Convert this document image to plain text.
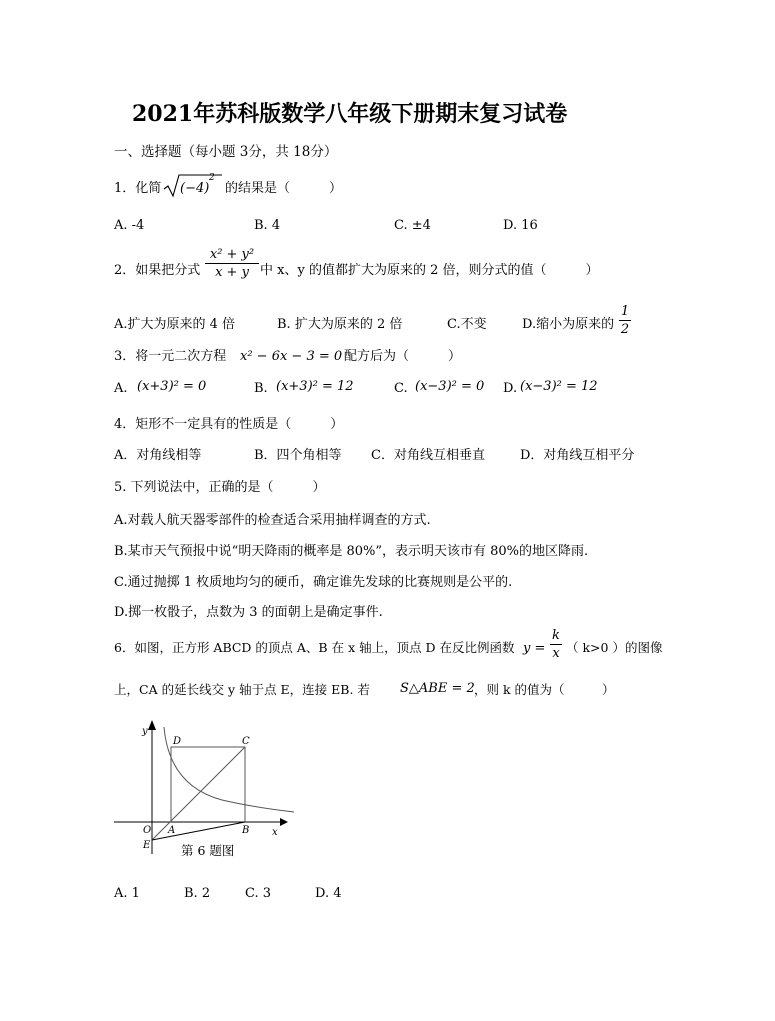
2021年苏科版数学八年级下册期末复习试卷
一、选择题（每小题 3分，共 18分）
1．化简 (−4)
2
的结果是（　　　）
A. -4	B. 4	C. ±4	D. 16
2．如果把分式
x² + y²
x + y 中 x、y 的值都扩大为原来的 2 倍，则分式的值（　　　）
A.扩大为原来的 4 倍	B. 扩大为原来的 2 倍	C.不变	D.缩小为原来的
1
2
3．将一元二次方程 x² − 6x − 3 = 0 配方后为（　　　）
A. (x+3)² = 0	B. (x+3)² = 12	C. (x−3)² = 0 D. (x−3)² = 12
4．矩形不一定具有的性质是（　　　）
A．对角线相等	B．四个角相等 C．对角线互相垂直	D．对角线互相平分
5. 下列说法中，正确的是（　　　）
A.对载人航天器零部件的检查适合采用抽样调查的方式.
B.某市天气预报中说“明天降雨的概率是 80%”，表示明天该市有 80%的地区降雨.
C.通过抛掷 1 枚质地均匀的硬币，确定谁先发球的比赛规则是公平的.
D.掷一枚骰子，点数为 3 的面朝上是确定事件.
6．如图，正方形 ABCD 的顶点 A、B 在 x 轴上，顶点 D 在反比例函数 y =
k
x （ k>0 ）的图像
上，CA 的延长线交 y 轴于点 E，连接 EB. 若 S△ABE = 2 ，则 k 的值为（　　　）
y
x
O A	B
C
D
E 第 6 题图
A. 1	B. 2	C. 3	D. 4
